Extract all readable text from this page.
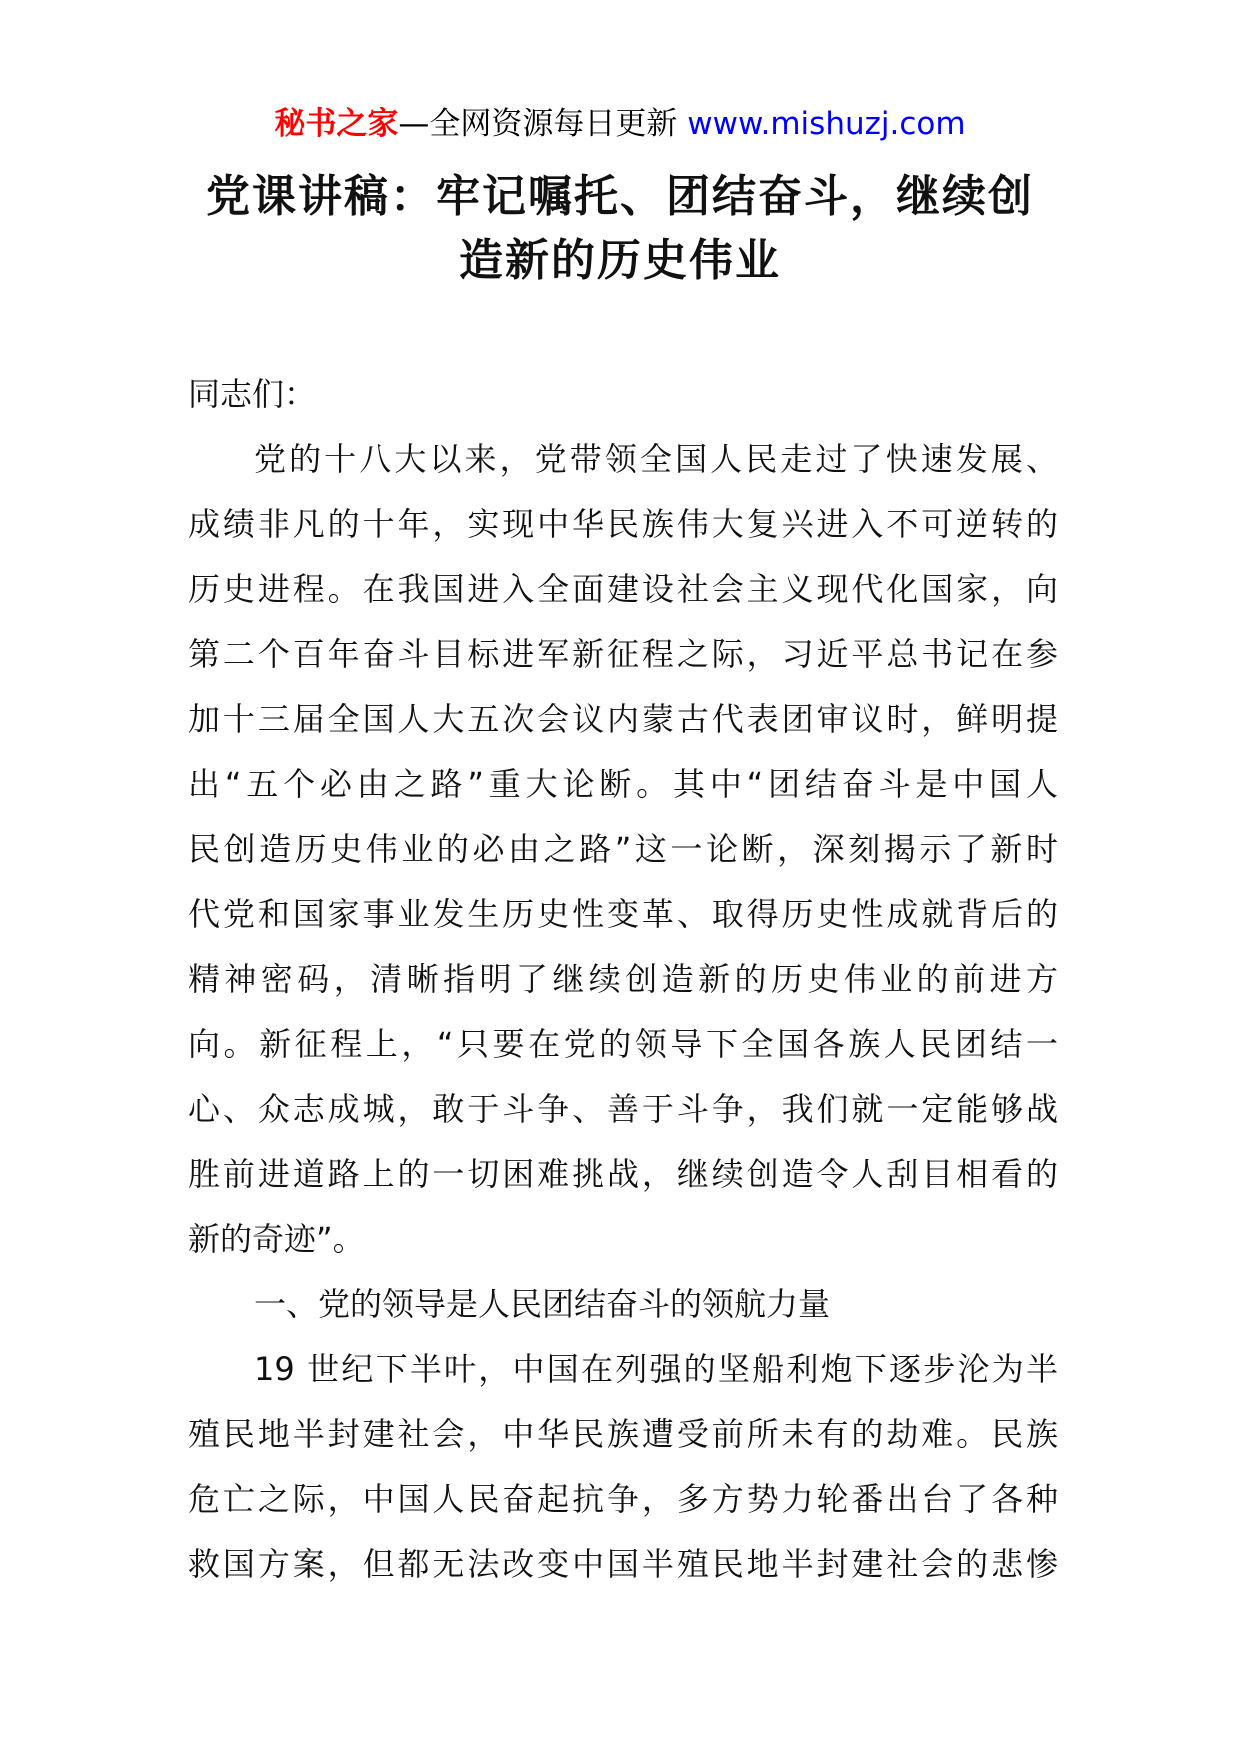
秘书之家—全网资源每日更新 www.mishuzj.com
党课讲稿：牢记嘱托、团结奋斗，继续创
造新的历史伟业

同志们：

党的十八大以来，党带领全国人民走过了快速发展、
成绩非凡的十年，实现中华民族伟大复兴进入不可逆转的
历史进程。在我国进入全面建设社会主义现代化国家，向
第二个百年奋斗目标进军新征程之际，习近平总书记在参
加十三届全国人大五次会议内蒙古代表团审议时，鲜明提
出“五个必由之路”重大论断。其中“团结奋斗是中国人
民创造历史伟业的必由之路”这一论断，深刻揭示了新时
代党和国家事业发生历史性变革、取得历史性成就背后的
精神密码，清晰指明了继续创造新的历史伟业的前进方
向。新征程上，“只要在党的领导下全国各族人民团结一
心、众志成城，敢于斗争、善于斗争，我们就一定能够战
胜前进道路上的一切困难挑战，继续创造令人刮目相看的
新的奇迹”。

一、党的领导是人民团结奋斗的领航力量

19 世纪下半叶，中国在列强的坚船利炮下逐步沦为半
殖民地半封建社会，中华民族遭受前所未有的劫难。民族
危亡之际，中国人民奋起抗争，多方势力轮番出台了各种
救国方案，但都无法改变中国半殖民地半封建社会的悲惨
